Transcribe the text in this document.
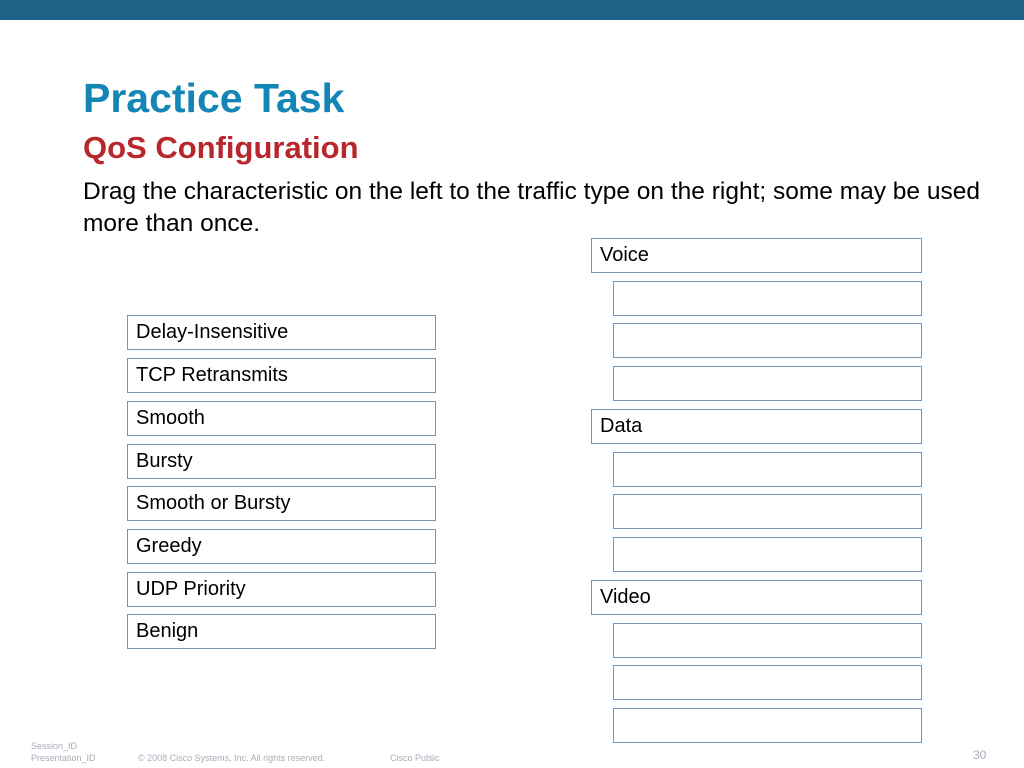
Practice Task
QoS Configuration

Drag the characteristic on the left to the traffic type on the right; some may be used more than once.

Delay-Insensitive
TCP Retransmits
Smooth
Bursty
Smooth or Bursty
Greedy
UDP Priority
Benign
Voice
Data
Video
Session_ID
Presentation_ID	© 2008 Cisco Systems, Inc. All rights reserved.	Cisco Public	30
